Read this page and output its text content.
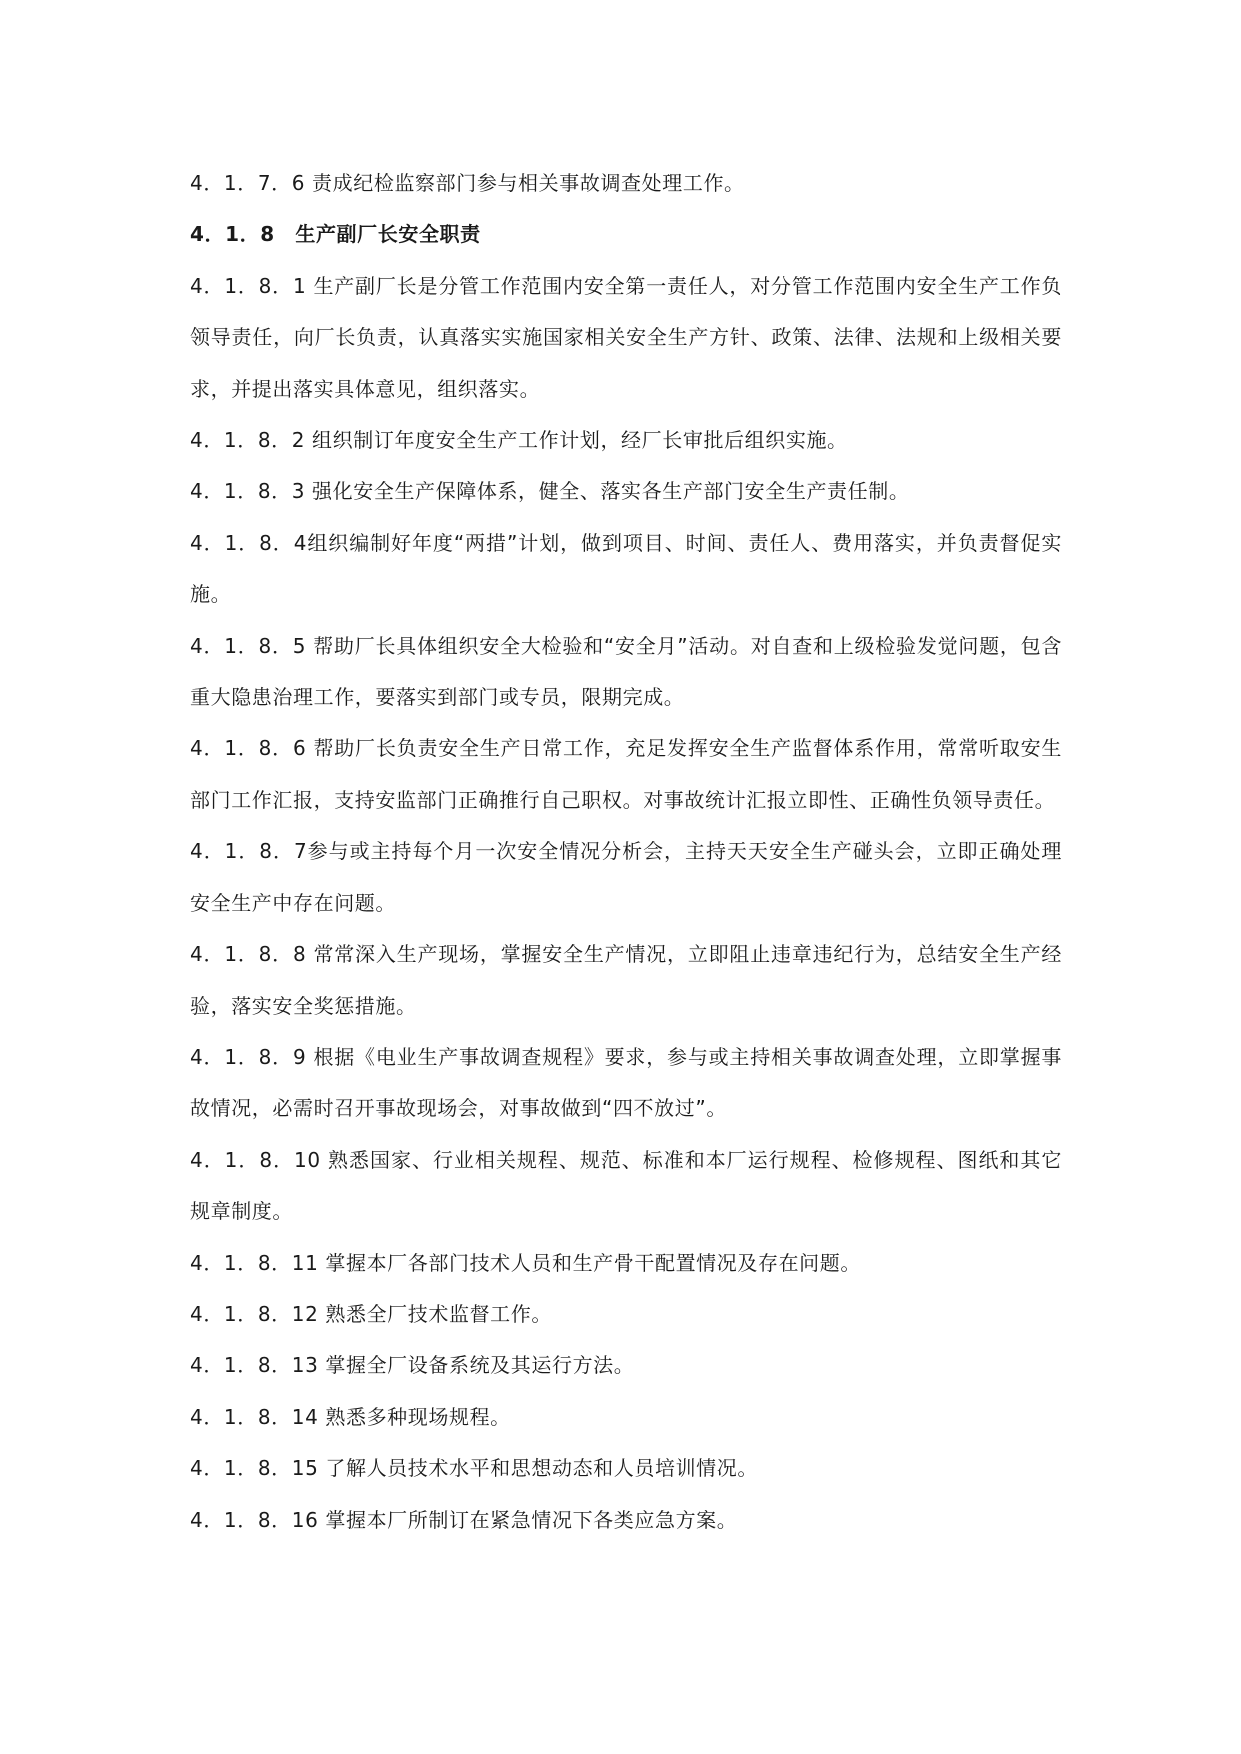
4．1．7．6 责成纪检监察部门参与相关事故调查处理工作。

4．1．8　生产副厂长安全职责

4．1．8．1 生产副厂长是分管工作范围内安全第一责任人，对分管工作范围内安全生产工作负领导责任，向厂长负责，认真落实实施国家相关安全生产方针、政策、法律、法规和上级相关要求，并提出落实具体意见，组织落实。

4．1．8．2 组织制订年度安全生产工作计划，经厂长审批后组织实施。

4．1．8．3 强化安全生产保障体系，健全、落实各生产部门安全生产责任制。

4．1．8．4组织编制好年度“两措”计划，做到项目、时间、责任人、费用落实，并负责督促实施。

4．1．8．5 帮助厂长具体组织安全大检验和“安全月”活动。对自查和上级检验发觉问题，包含重大隐患治理工作，要落实到部门或专员，限期完成。

4．1．8．6 帮助厂长负责安全生产日常工作，充足发挥安全生产监督体系作用，常常听取安生部门工作汇报，支持安监部门正确推行自己职权。对事故统计汇报立即性、正确性负领导责任。

4．1．8．7参与或主持每个月一次安全情况分析会，主持天天安全生产碰头会，立即正确处理安全生产中存在问题。

4．1．8．8 常常深入生产现场，掌握安全生产情况，立即阻止违章违纪行为，总结安全生产经验，落实安全奖惩措施。

4．1．8．9 根据《电业生产事故调查规程》要求，参与或主持相关事故调查处理，立即掌握事故情况，必需时召开事故现场会，对事故做到“四不放过”。

4．1．8．10 熟悉国家、行业相关规程、规范、标准和本厂运行规程、检修规程、图纸和其它规章制度。

4．1．8．11 掌握本厂各部门技术人员和生产骨干配置情况及存在问题。

4．1．8．12 熟悉全厂技术监督工作。

4．1．8．13 掌握全厂设备系统及其运行方法。

4．1．8．14 熟悉多种现场规程。

4．1．8．15 了解人员技术水平和思想动态和人员培训情况。

4．1．8．16 掌握本厂所制订在紧急情况下各类应急方案。
